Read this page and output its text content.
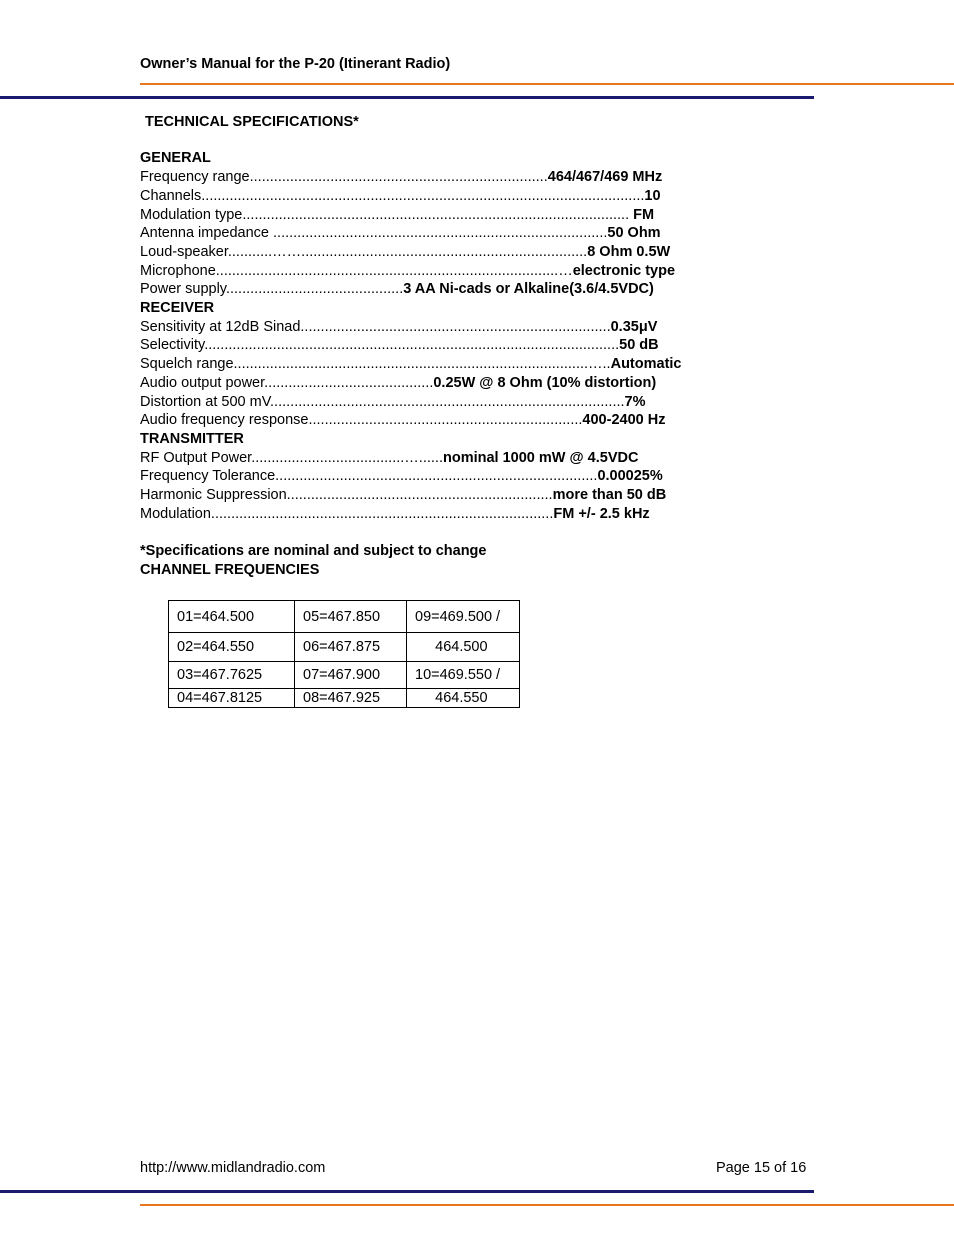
Owner’s Manual for the P-20 (Itinerant Radio)
TECHNICAL SPECIFICATIONS*
GENERAL
Frequency range..........................................................................464/467/469 MHz
Channels..............................................................................................................10
Modulation type................................................................................................ FM
Antenna impedance ...................................................................................50 Ohm
Loud-speaker...........…….......................................................................8 Ohm 0.5W
Microphone.....................................................................................…electronic type
Power supply............................................3 AA Ni-cads or Alkaline(3.6/4.5VDC)
RECEIVER
Sensitivity at 12dB Sinad.............................................................................0.35μV
Selectivity.......................................................................................................50 dB
Squelch range........................................................................................…..Automatic
Audio output power..........................................0.25W @ 8 Ohm (10% distortion)
Distortion at 500 mV........................................................................................7%
Audio frequency response....................................................................400-2400 Hz
TRANSMITTER
RF Output Power......................................…......nominal 1000 mW @ 4.5VDC
Frequency Tolerance................................................................................0.00025%
Harmonic Suppression..................................................................more than 50 dB
Modulation.....................................................................................FM +/- 2.5 kHz
*Specifications are nominal and subject to change
CHANNEL FREQUENCIES
01=464.500	05=467.850	09=469.500 /
02=464.550	06=467.875	464.500
03=467.7625	07=467.900	10=469.550 /
04=467.8125	08=467.925	464.550
http://www.midlandradio.com	Page 15 of 16
